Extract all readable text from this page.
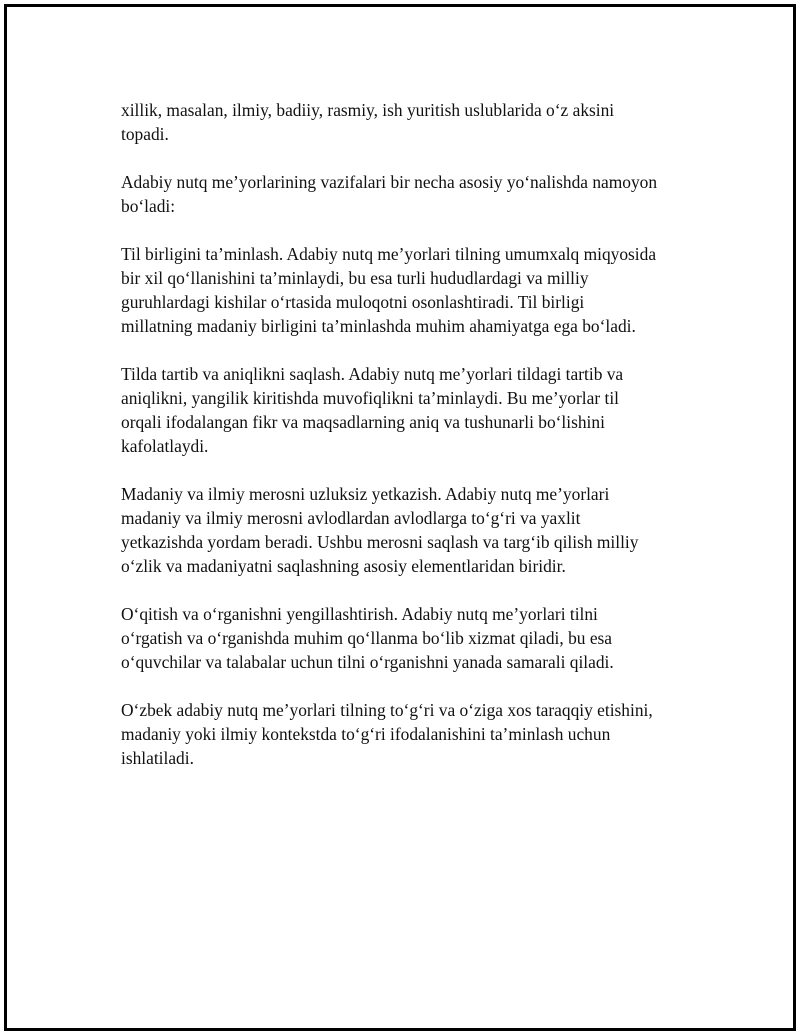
xillik, masalan, ilmiy, badiiy, rasmiy, ish yuritish uslublarida o‘z aksini
topadi.

Adabiy nutq me’yorlarining vazifalari bir necha asosiy yo‘nalishda namoyon
bo‘ladi:

Til birligini ta’minlash. Adabiy nutq me’yorlari tilning umumxalq miqyosida
bir xil qo‘llanishini ta’minlaydi, bu esa turli hududlardagi va milliy
guruhlardagi kishilar o‘rtasida muloqotni osonlashtiradi. Til birligi
millatning madaniy birligini ta’minlashda muhim ahamiyatga ega bo‘ladi.

Tilda tartib va aniqlikni saqlash. Adabiy nutq me’yorlari tildagi tartib va
aniqlikni, yangilik kiritishda muvofiqlikni ta’minlaydi. Bu me’yorlar til
orqali ifodalangan fikr va maqsadlarning aniq va tushunarli bo‘lishini
kafolatlaydi.

Madaniy va ilmiy merosni uzluksiz yetkazish. Adabiy nutq me’yorlari
madaniy va ilmiy merosni avlodlardan avlodlarga to‘g‘ri va yaxlit
yetkazishda yordam beradi. Ushbu merosni saqlash va targ‘ib qilish milliy
o‘zlik va madaniyatni saqlashning asosiy elementlaridan biridir.

O‘qitish va o‘rganishni yengillashtirish. Adabiy nutq me’yorlari tilni
o‘rgatish va o‘rganishda muhim qo‘llanma bo‘lib xizmat qiladi, bu esa
o‘quvchilar va talabalar uchun tilni o‘rganishni yanada samarali qiladi.

O‘zbek adabiy nutq me’yorlari tilning to‘g‘ri va o‘ziga xos taraqqiy etishini,
madaniy yoki ilmiy kontekstda to‘g‘ri ifodalanishini ta’minlash uchun
ishlatiladi.
